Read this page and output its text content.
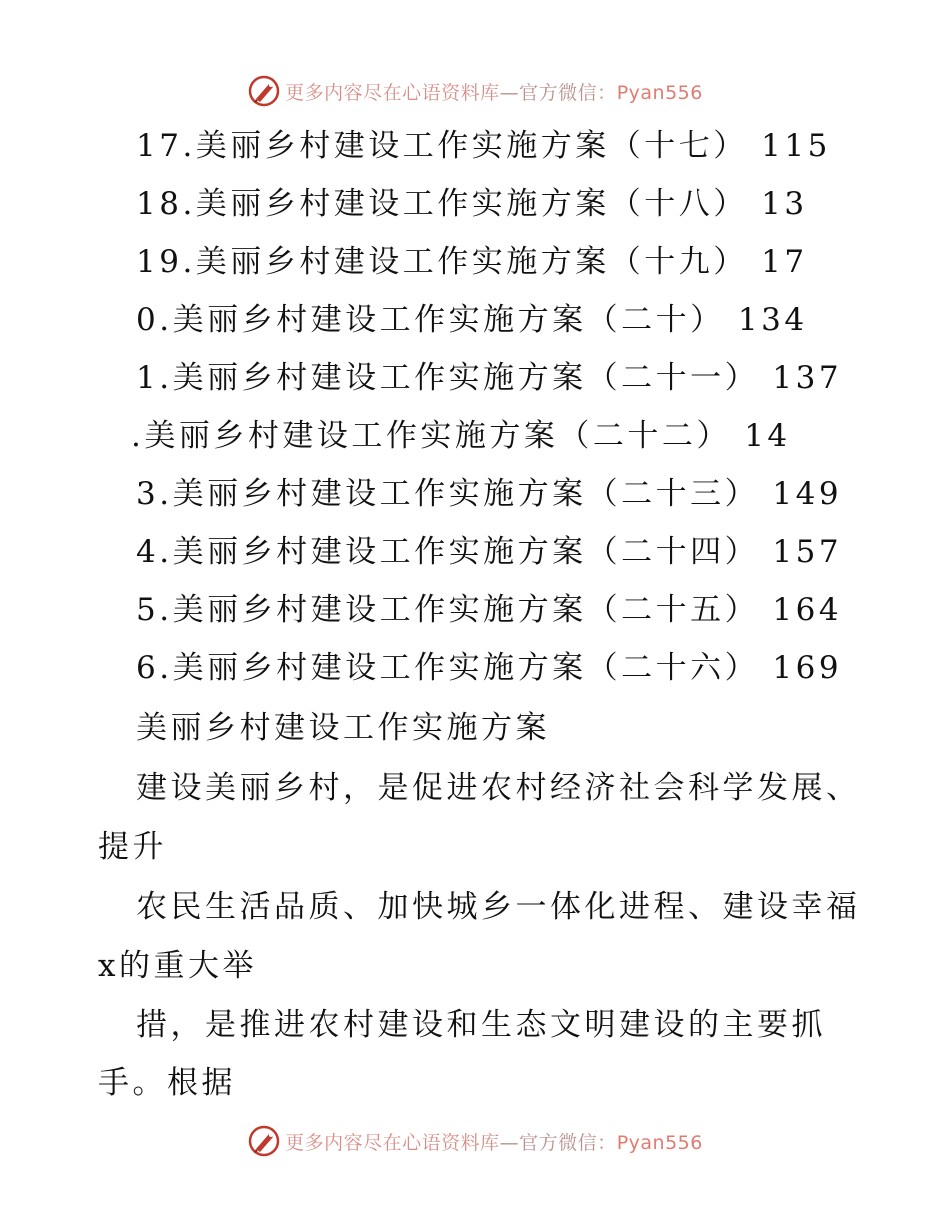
更多内容尽在心语资料库—官方微信：Pyan556
17.美丽乡村建设工作实施方案（十七） 115
18.美丽乡村建设工作实施方案（十八） 13
19.美丽乡村建设工作实施方案（十九） 17
0.美丽乡村建设工作实施方案（二十） 134
1.美丽乡村建设工作实施方案（二十一） 137
.美丽乡村建设工作实施方案（二十二） 14
3.美丽乡村建设工作实施方案（二十三） 149
4.美丽乡村建设工作实施方案（二十四） 157
5.美丽乡村建设工作实施方案（二十五） 164
6.美丽乡村建设工作实施方案（二十六） 169
美丽乡村建设工作实施方案
建设美丽乡村，是促进农村经济社会科学发展、
提升
农民生活品质、加快城乡一体化进程、建设幸福
x的重大举
措，是推进农村建设和生态文明建设的主要抓
手。根据
更多内容尽在心语资料库—官方微信：Pyan556
